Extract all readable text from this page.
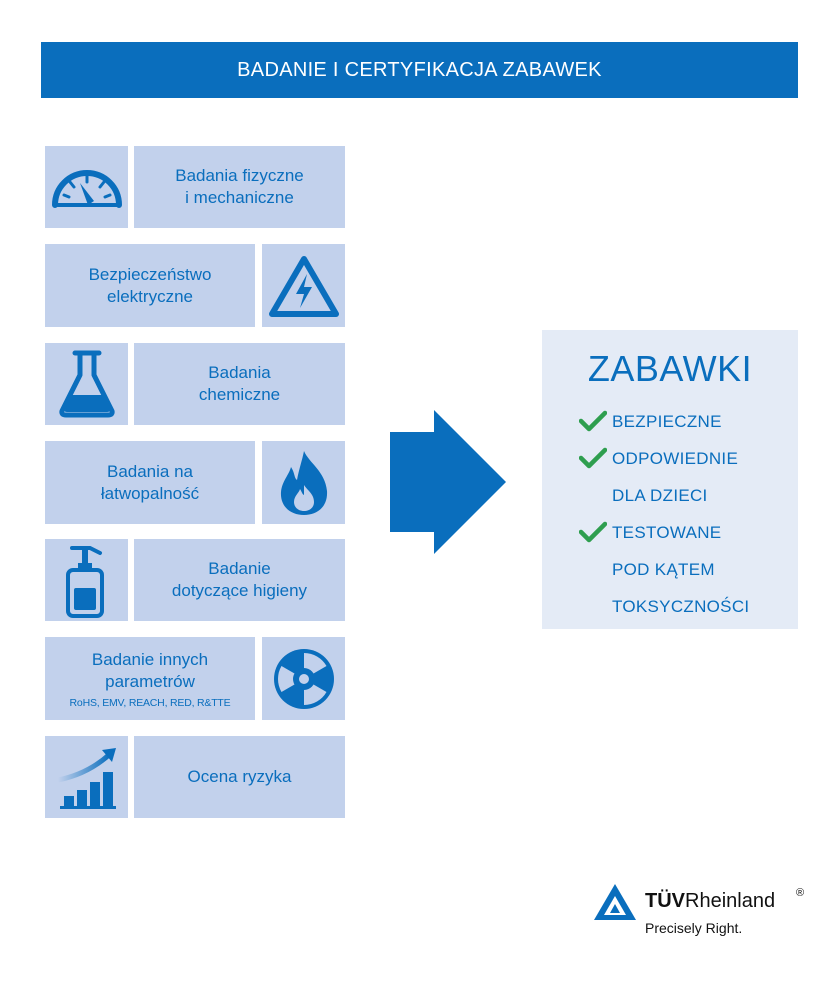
BADANIE I CERTYFIKACJA ZABAWEK
Badania fizyczne
i mechaniczne
Bezpieczeństwo
elektryczne
Badania
chemiczne
Badania na
łatwopalność
Badanie
dotyczące higieny
Badanie innych
parametrów
RoHS, EMV, REACH, RED, R&TTE
Ocena ryzyka
ZABAWKI
BEZPIECZNE
ODPOWIEDNIE
DLA DZIECI
TESTOWANE
POD KĄTEM
TOKSYCZNOŚCI
TÜVRheinland ®
Precisely Right.
